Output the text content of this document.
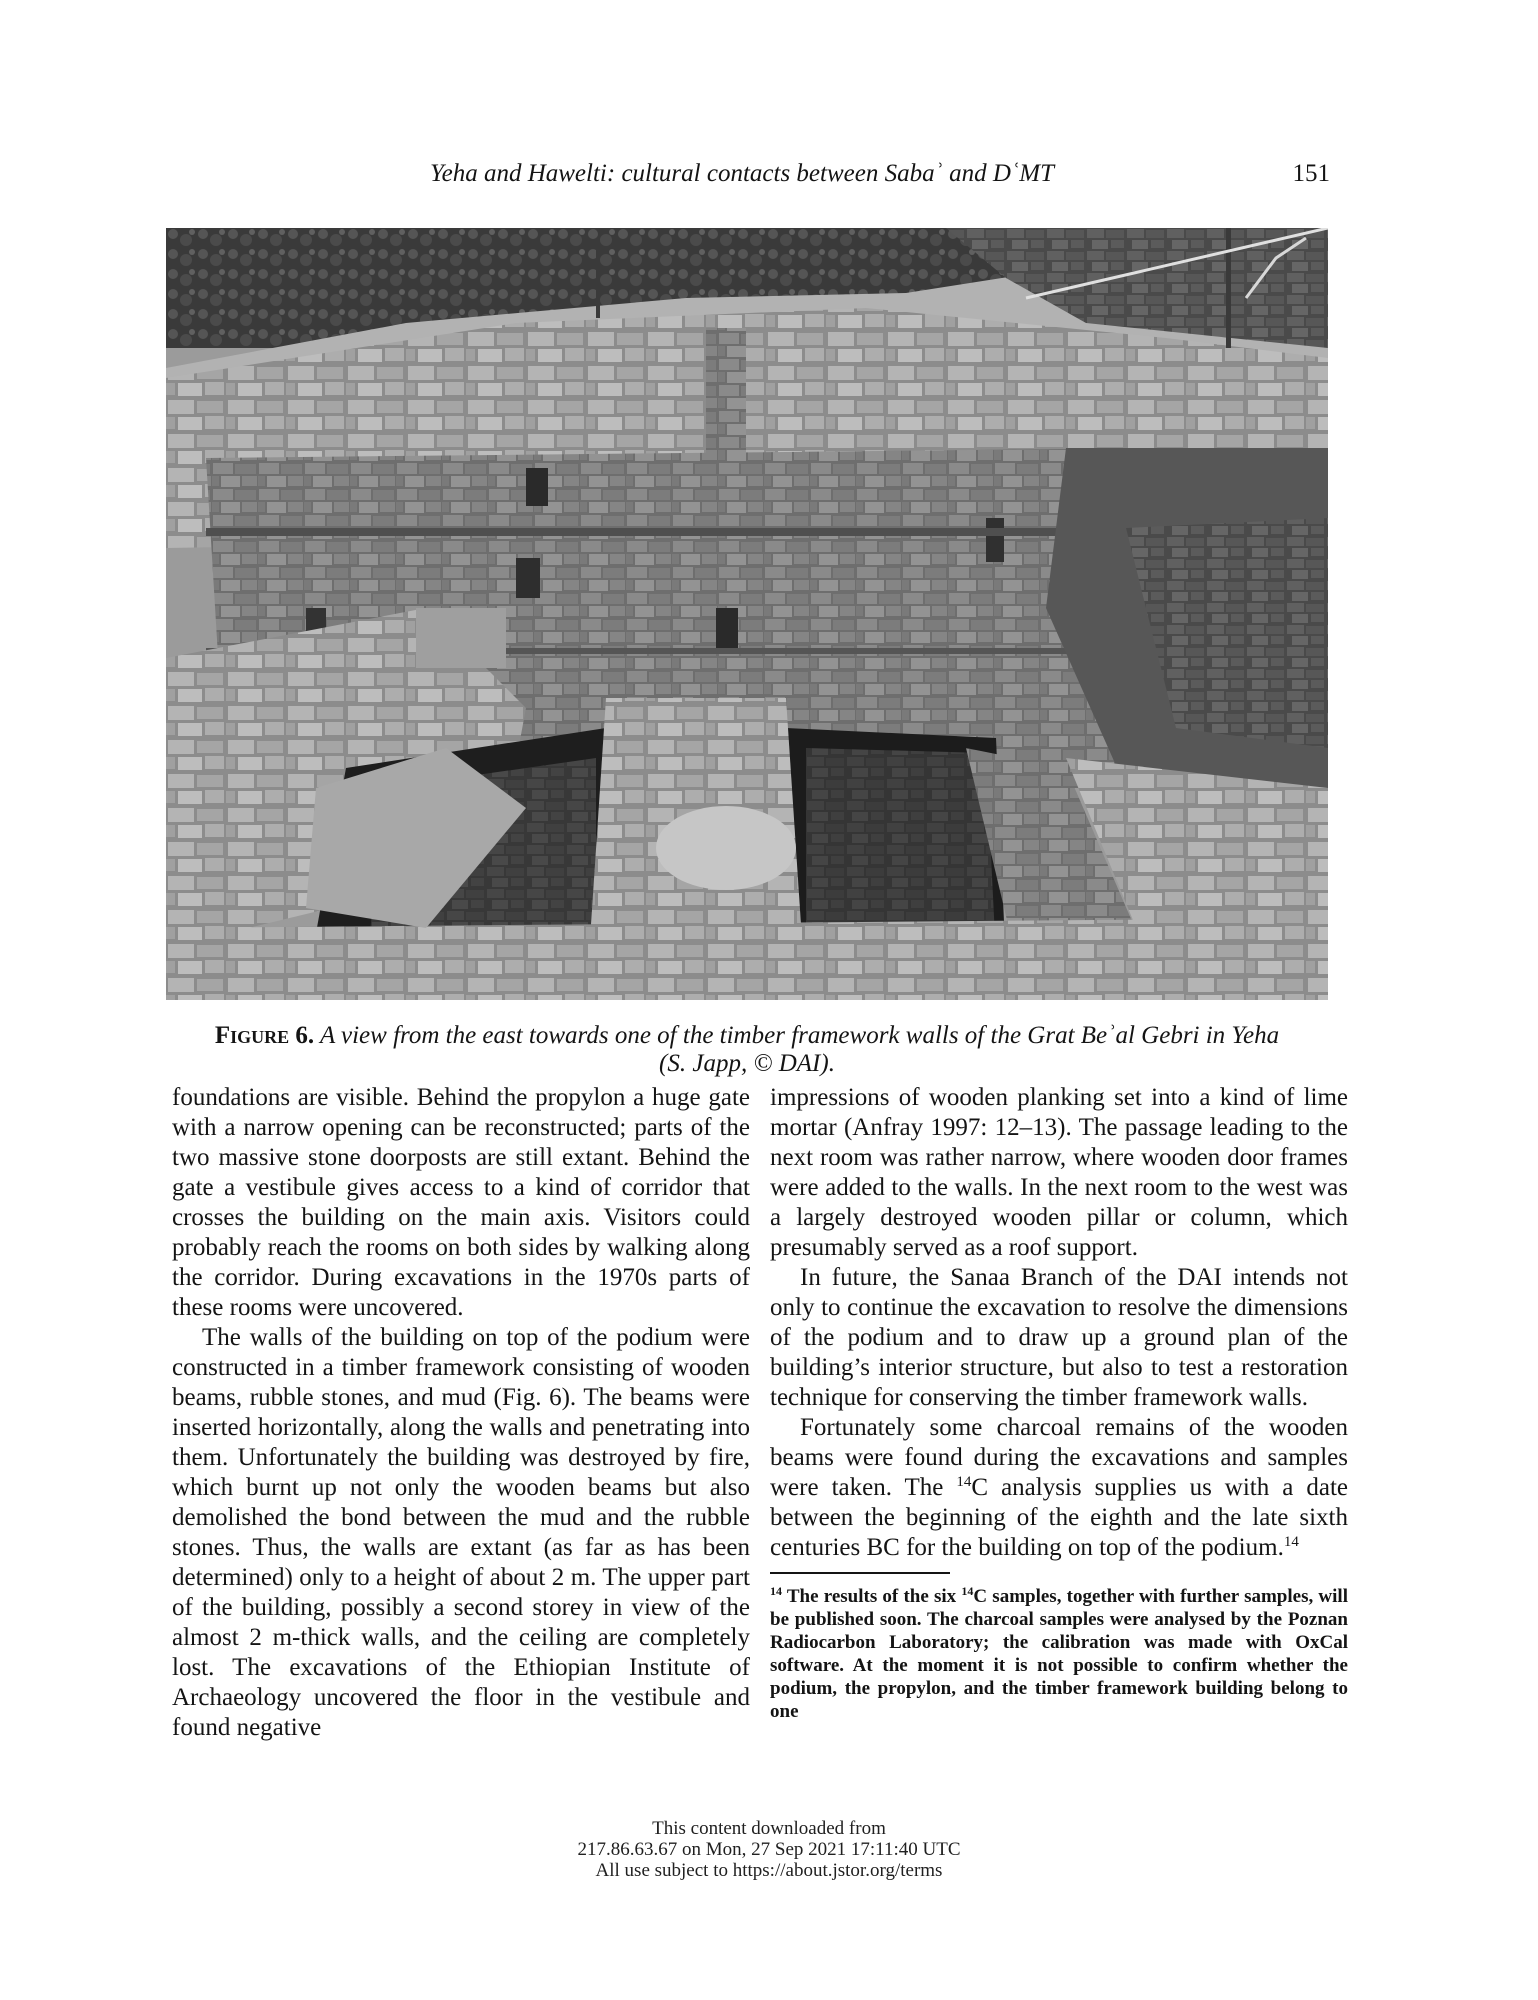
Yeha and Hawelti: cultural contacts between Sabaʾ and DʿMT	151
Figure 6. A view from the east towards one of the timber framework walls of the Grat Beʾal Gebri in Yeha
(S. Japp, © DAI).

foundations are visible. Behind the propylon a huge gate with a narrow opening can be reconstructed; parts of the two massive stone doorposts are still extant. Behind the gate a vestibule gives access to a kind of corridor that crosses the building on the main axis. Visitors could probably reach the rooms on both sides by walking along the corridor. During excavations in the 1970s parts of these rooms were uncovered.

The walls of the building on top of the podium were constructed in a timber framework consisting of wooden beams, rubble stones, and mud (Fig. 6). The beams were inserted horizontally, along the walls and penetrating into them. Unfortunately the building was destroyed by fire, which burnt up not only the wooden beams but also demolished the bond between the mud and the rubble stones. Thus, the walls are extant (as far as has been determined) only to a height of about 2 m. The upper part of the building, possibly a second storey in view of the almost 2 m-thick walls, and the ceiling are completely lost. The excavations of the Ethiopian Institute of Archaeology uncovered the floor in the vestibule and found negative

impressions of wooden planking set into a kind of lime mortar (Anfray 1997: 12–13). The passage leading to the next room was rather narrow, where wooden door frames were added to the walls. In the next room to the west was a largely destroyed wooden pillar or column, which presumably served as a roof support.

In future, the Sanaa Branch of the DAI intends not only to continue the excavation to resolve the dimensions of the podium and to draw up a ground plan of the building’s interior structure, but also to test a restoration technique for conserving the timber framework walls.

Fortunately some charcoal remains of the wooden beams were found during the excavations and samples were taken. The $^{14}$C analysis supplies us with a date between the beginning of the eighth and the late sixth centuries BC for the building on top of the podium.$^{14}$

$^{14}$ The results of the six $^{14}$C samples, together with further samples, will be published soon. The charcoal samples were analysed by the Poznan Radiocarbon Laboratory; the calibration was made with OxCal software. At the moment it is not possible to confirm whether the podium, the propylon, and the timber framework building belong to one
This content downloaded from
217.86.63.67 on Mon, 27 Sep 2021 17:11:40 UTC
All use subject to https://about.jstor.org/terms
